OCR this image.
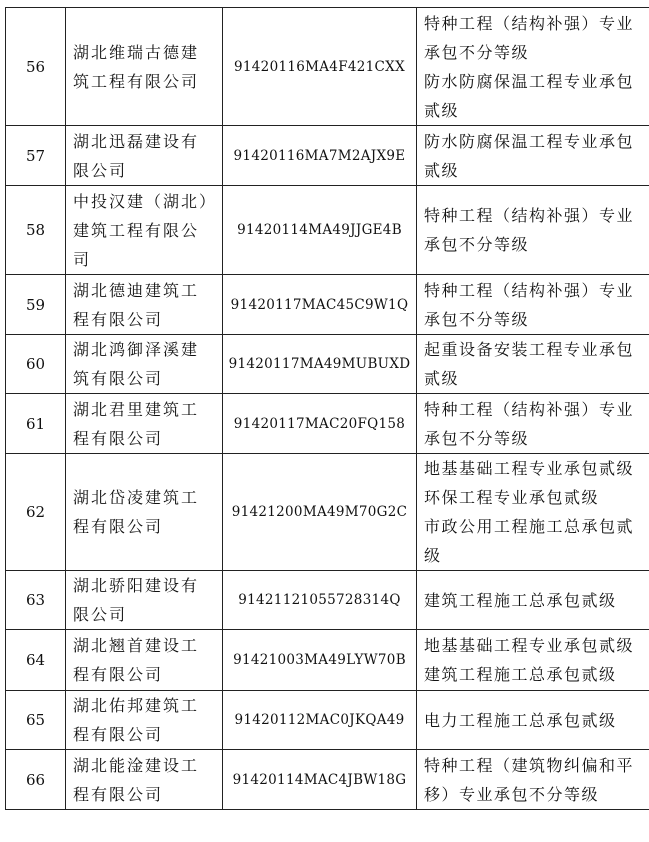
56	湖北维瑞古德建
筑工程有限公司	91420116MA4F421CXX	特种工程（结构补强）专业
承包不分等级
防水防腐保温工程专业承包
贰级

57	湖北迅磊建设有
限公司	91420116MA7M2AJX9E	防水防腐保温工程专业承包
贰级

58	中投汉建（湖北）
建筑工程有限公
司	91420114MA49JJGE4B	特种工程（结构补强）专业
承包不分等级

59	湖北德迪建筑工
程有限公司	91420117MAC45C9W1Q	特种工程（结构补强）专业
承包不分等级

60	湖北鸿御泽溪建
筑有限公司	91420117MA49MUBUXD	起重设备安装工程专业承包
贰级

61	湖北君里建筑工
程有限公司	91420117MAC20FQ158	特种工程（结构补强）专业
承包不分等级

62	湖北岱凌建筑工
程有限公司	91421200MA49M70G2C	地基基础工程专业承包贰级
环保工程专业承包贰级
市政公用工程施工总承包贰
级

63	湖北骄阳建设有
限公司	91421121055728314Q	建筑工程施工总承包贰级

64	湖北翘首建设工
程有限公司	91421003MA49LYW70B	地基基础工程专业承包贰级
建筑工程施工总承包贰级

65	湖北佑邦建筑工
程有限公司	91420112MAC0JKQA49	电力工程施工总承包贰级

66	湖北能淦建设工
程有限公司	91420114MAC4JBW18G	特种工程（建筑物纠偏和平
移）专业承包不分等级
